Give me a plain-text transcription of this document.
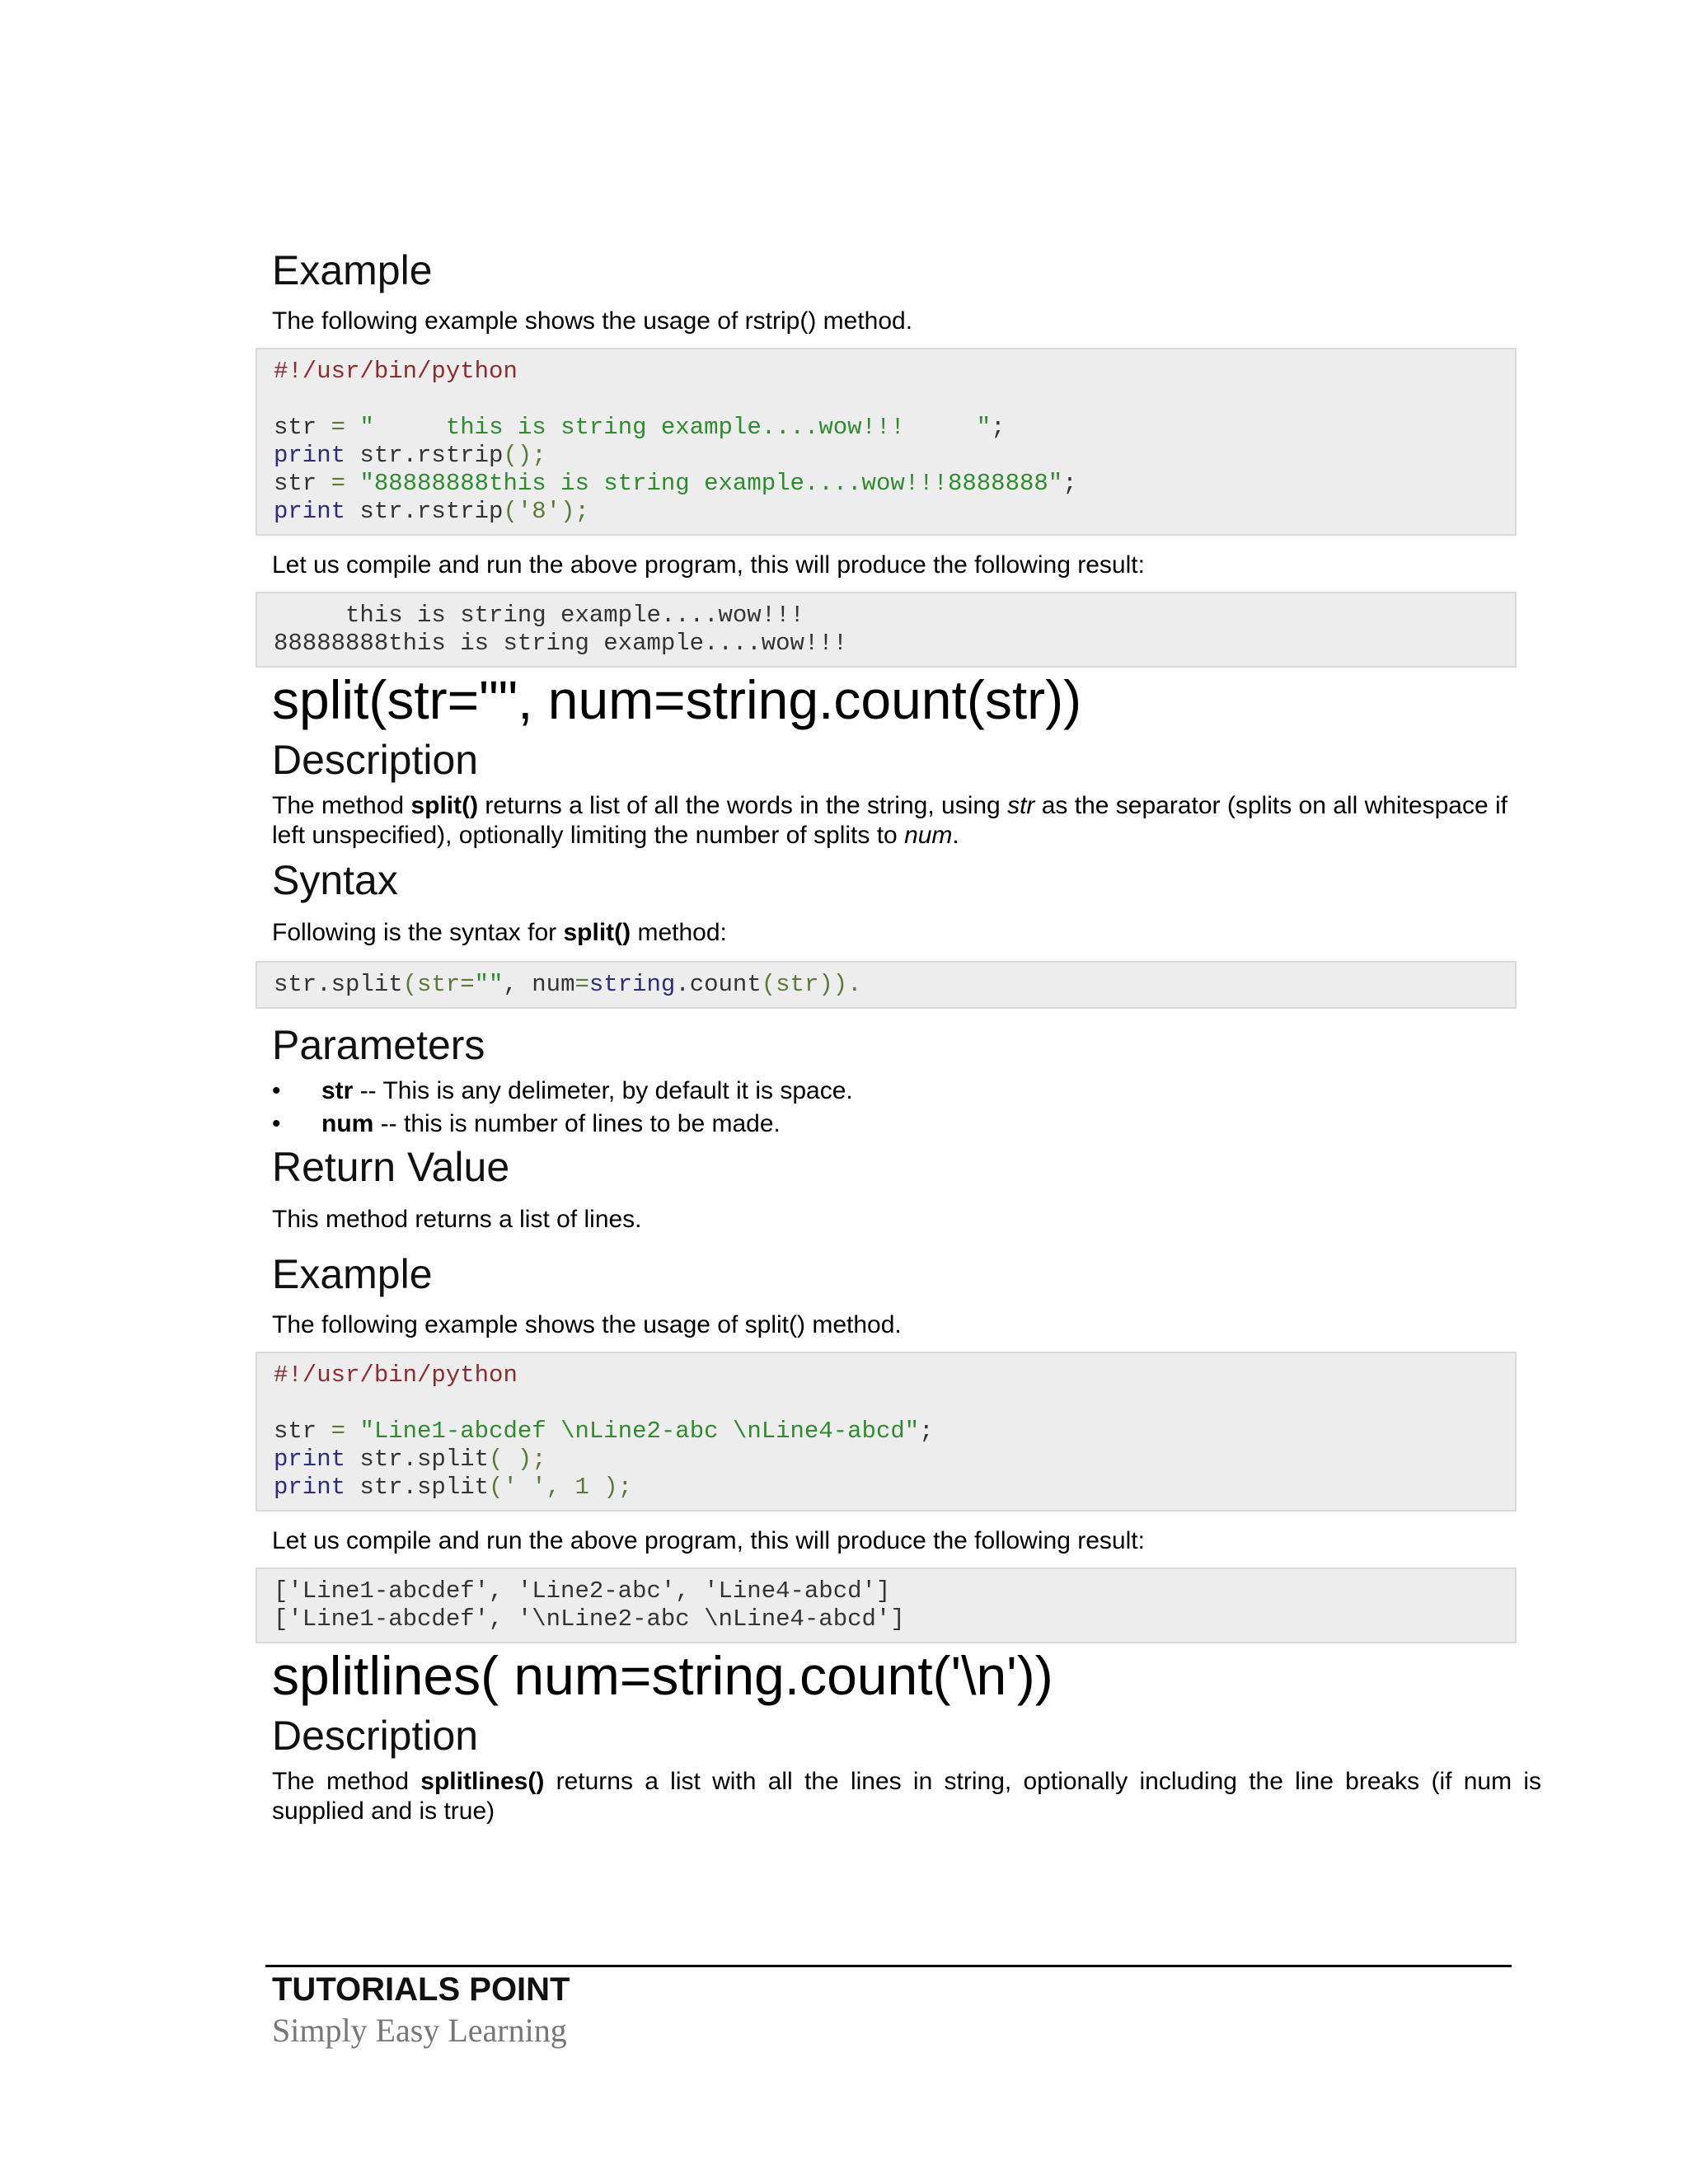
Example

The following example shows the usage of rstrip() method.

#!/usr/bin/python

str = "     this is string example....wow!!!     ";
print str.rstrip();
str = "88888888this is string example....wow!!!8888888";
print str.rstrip('8');

Let us compile and run the above program, this will produce the following result:

this is string example....wow!!!
88888888this is string example....wow!!!
split(str="", num=string.count(str))
Description

The method split() returns a list of all the words in the string, using str as the separator (splits on all whitespace if left unspecified), optionally limiting the number of splits to num.

Syntax

Following is the syntax for split() method:

str.split(str="", num=string.count(str)).
Parameters
• str -- This is any delimeter, by default it is space.
• num -- this is number of lines to be made.
Return Value

This method returns a list of lines.

Example

The following example shows the usage of split() method.

#!/usr/bin/python

str = "Line1-abcdef \nLine2-abc \nLine4-abcd";
print str.split( );
print str.split(' ', 1 );

Let us compile and run the above program, this will produce the following result:

['Line1-abcdef', 'Line2-abc', 'Line4-abcd']
['Line1-abcdef', '\nLine2-abc \nLine4-abcd']
splitlines( num=string.count('\n'))
Description

The method splitlines() returns a list with all the lines in string, optionally including the line breaks (if num is supplied and is true)

TUTORIALS POINT
Simply Easy Learning
